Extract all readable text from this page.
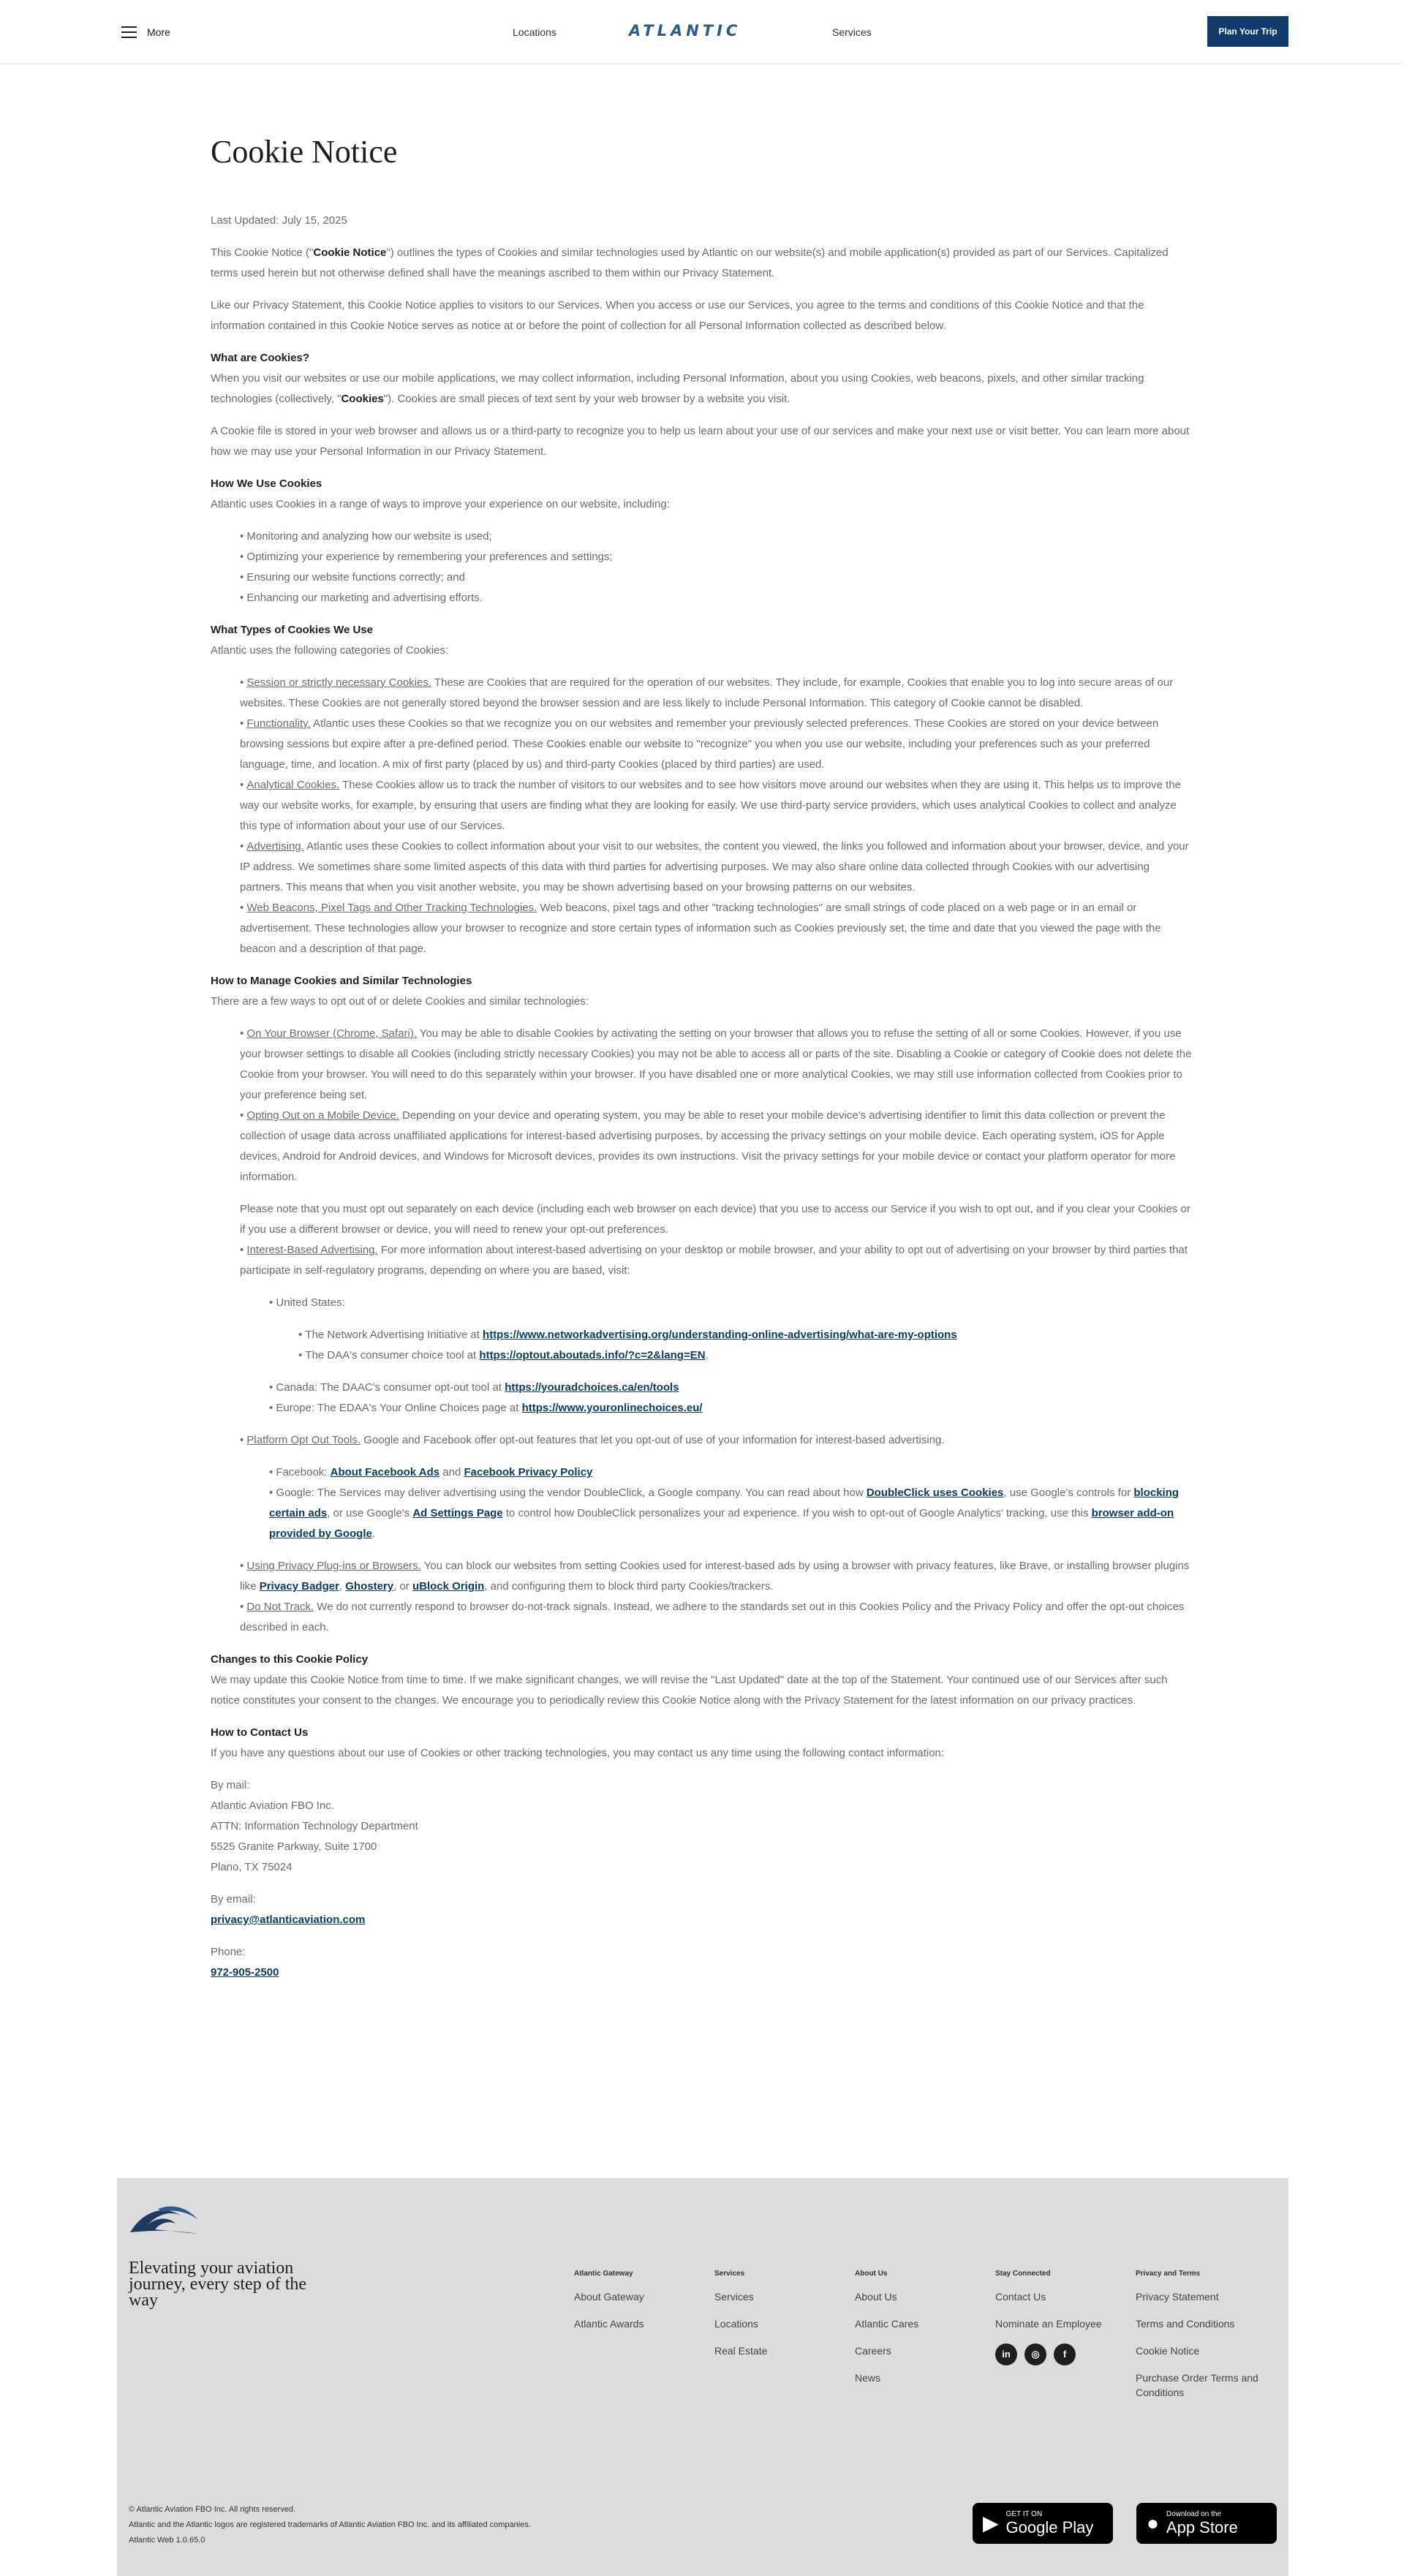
More	Locations	ATLANTIC	Services	Plan Your Trip
Cookie Notice

Last Updated: July 15, 2025

This Cookie Notice ("Cookie Notice") outlines the types of Cookies and similar technologies used by Atlantic on our website(s) and mobile application(s) provided as part of our Services. Capitalized terms used herein but not otherwise defined shall have the meanings ascribed to them within our Privacy Statement.

Like our Privacy Statement, this Cookie Notice applies to visitors to our Services. When you access or use our Services, you agree to the terms and conditions of this Cookie Notice and that the information contained in this Cookie Notice serves as notice at or before the point of collection for all Personal Information collected as described below.

What are Cookies?

When you visit our websites or use our mobile applications, we may collect information, including Personal Information, about you using Cookies, web beacons, pixels, and other similar tracking technologies (collectively, "Cookies"). Cookies are small pieces of text sent by your web browser by a website you visit.

A Cookie file is stored in your web browser and allows us or a third-party to recognize you to help us learn about your use of our services and make your next use or visit better. You can learn more about how we may use your Personal Information in our Privacy Statement.

How We Use Cookies

Atlantic uses Cookies in a range of ways to improve your experience on our website, including:

• Monitoring and analyzing how our website is used;
• Optimizing your experience by remembering your preferences and settings;
• Ensuring our website functions correctly; and
• Enhancing our marketing and advertising efforts.
What Types of Cookies We Use

Atlantic uses the following categories of Cookies:

• Session or strictly necessary Cookies. These are Cookies that are required for the operation of our websites. They include, for example, Cookies that enable you to log into secure areas of our websites. These Cookies are not generally stored beyond the browser session and are less likely to include Personal Information. This category of Cookie cannot be disabled.
• Functionality. Atlantic uses these Cookies so that we recognize you on our websites and remember your previously selected preferences. These Cookies are stored on your device between browsing sessions but expire after a pre-defined period. These Cookies enable our website to "recognize" you when you use our website, including your preferences such as your preferred language, time, and location. A mix of first party (placed by us) and third-party Cookies (placed by third parties) are used.
• Analytical Cookies. These Cookies allow us to track the number of visitors to our websites and to see how visitors move around our websites when they are using it. This helps us to improve the way our website works, for example, by ensuring that users are finding what they are looking for easily. We use third-party service providers, which uses analytical Cookies to collect and analyze this type of information about your use of our Services.
• Advertising. Atlantic uses these Cookies to collect information about your visit to our websites, the content you viewed, the links you followed and information about your browser, device, and your IP address. We sometimes share some limited aspects of this data with third parties for advertising purposes. We may also share online data collected through Cookies with our advertising partners. This means that when you visit another website, you may be shown advertising based on your browsing patterns on our websites.
• Web Beacons, Pixel Tags and Other Tracking Technologies. Web beacons, pixel tags and other "tracking technologies" are small strings of code placed on a web page or in an email or advertisement. These technologies allow your browser to recognize and store certain types of information such as Cookies previously set, the time and date that you viewed the page with the beacon and a description of that page.
How to Manage Cookies and Similar Technologies

There are a few ways to opt out of or delete Cookies and similar technologies:

• On Your Browser (Chrome, Safari). You may be able to disable Cookies by activating the setting on your browser that allows you to refuse the setting of all or some Cookies. However, if you use your browser settings to disable all Cookies (including strictly necessary Cookies) you may not be able to access all or parts of the site. Disabling a Cookie or category of Cookie does not delete the Cookie from your browser. You will need to do this separately within your browser. If you have disabled one or more analytical Cookies, we may still use information collected from Cookies prior to your preference being set.
• Opting Out on a Mobile Device. Depending on your device and operating system, you may be able to reset your mobile device's advertising identifier to limit this data collection or prevent the collection of usage data across unaffiliated applications for interest-based advertising purposes, by accessing the privacy settings on your mobile device. Each operating system, iOS for Apple devices, Android for Android devices, and Windows for Microsoft devices, provides its own instructions. Visit the privacy settings for your mobile device or contact your platform operator for more information.

Please note that you must opt out separately on each device (including each web browser on each device) that you use to access our Service if you wish to opt out, and if you clear your Cookies or if you use a different browser or device, you will need to renew your opt-out preferences.

• Interest-Based Advertising. For more information about interest-based advertising on your desktop or mobile browser, and your ability to opt out of advertising on your browser by third parties that participate in self-regulatory programs, depending on where you are based, visit:
• United States:
• The Network Advertising Initiative at https://www.networkadvertising.org/understanding-online-advertising/what-are-my-options
• The DAA's consumer choice tool at https://optout.aboutads.info/?c=2&lang=EN.
• Canada: The DAAC's consumer opt-out tool at https://youradchoices.ca/en/tools
• Europe: The EDAA's Your Online Choices page at https://www.youronlinechoices.eu/
• Platform Opt Out Tools. Google and Facebook offer opt-out features that let you opt-out of use of your information for interest-based advertising.
• Facebook: About Facebook Ads and Facebook Privacy Policy
• Google: The Services may deliver advertising using the vendor DoubleClick, a Google company. You can read about how DoubleClick uses Cookies, use Google's controls for blocking certain ads, or use Google's Ad Settings Page to control how DoubleClick personalizes your ad experience. If you wish to opt-out of Google Analytics' tracking, use this browser add-on provided by Google.
• Using Privacy Plug-ins or Browsers. You can block our websites from setting Cookies used for interest-based ads by using a browser with privacy features, like Brave, or installing browser plugins like Privacy Badger, Ghostery, or uBlock Origin, and configuring them to block third party Cookies/trackers.
• Do Not Track. We do not currently respond to browser do-not-track signals. Instead, we adhere to the standards set out in this Cookies Policy and the Privacy Policy and offer the opt-out choices described in each.
Changes to this Cookie Policy

We may update this Cookie Notice from time to time. If we make significant changes, we will revise the "Last Updated" date at the top of the Statement. Your continued use of our Services after such notice constitutes your consent to the changes. We encourage you to periodically review this Cookie Notice along with the Privacy Statement for the latest information on our privacy practices.

How to Contact Us

If you have any questions about our use of Cookies or other tracking technologies, you may contact us any time using the following contact information:

By mail:
Atlantic Aviation FBO Inc.
ATTN: Information Technology Department
5525 Granite Parkway, Suite 1700
Plano, TX 75024
By email:
privacy@atlanticaviation.com
Phone:
972-905-2500
Elevating your aviation journey, every step of the way
Atlantic Gateway
About Gateway
Atlantic Awards
Services
Services
Locations
Real Estate
About Us
About Us
Atlantic Cares
Careers
News
Stay Connected
Contact Us
Nominate an Employee
in	◎	f
Privacy and Terms
Privacy Statement
Terms and Conditions
Cookie Notice
Purchase Order Terms and Conditions
© Atlantic Aviation FBO Inc. All rights reserved.
Atlantic and the Atlantic logos are registered trademarks of Atlantic Aviation FBO Inc. and its affiliated companies.
Atlantic Web 1.0.65.0
▶ GET IT ON
Google Play	● Download on the
App Store
